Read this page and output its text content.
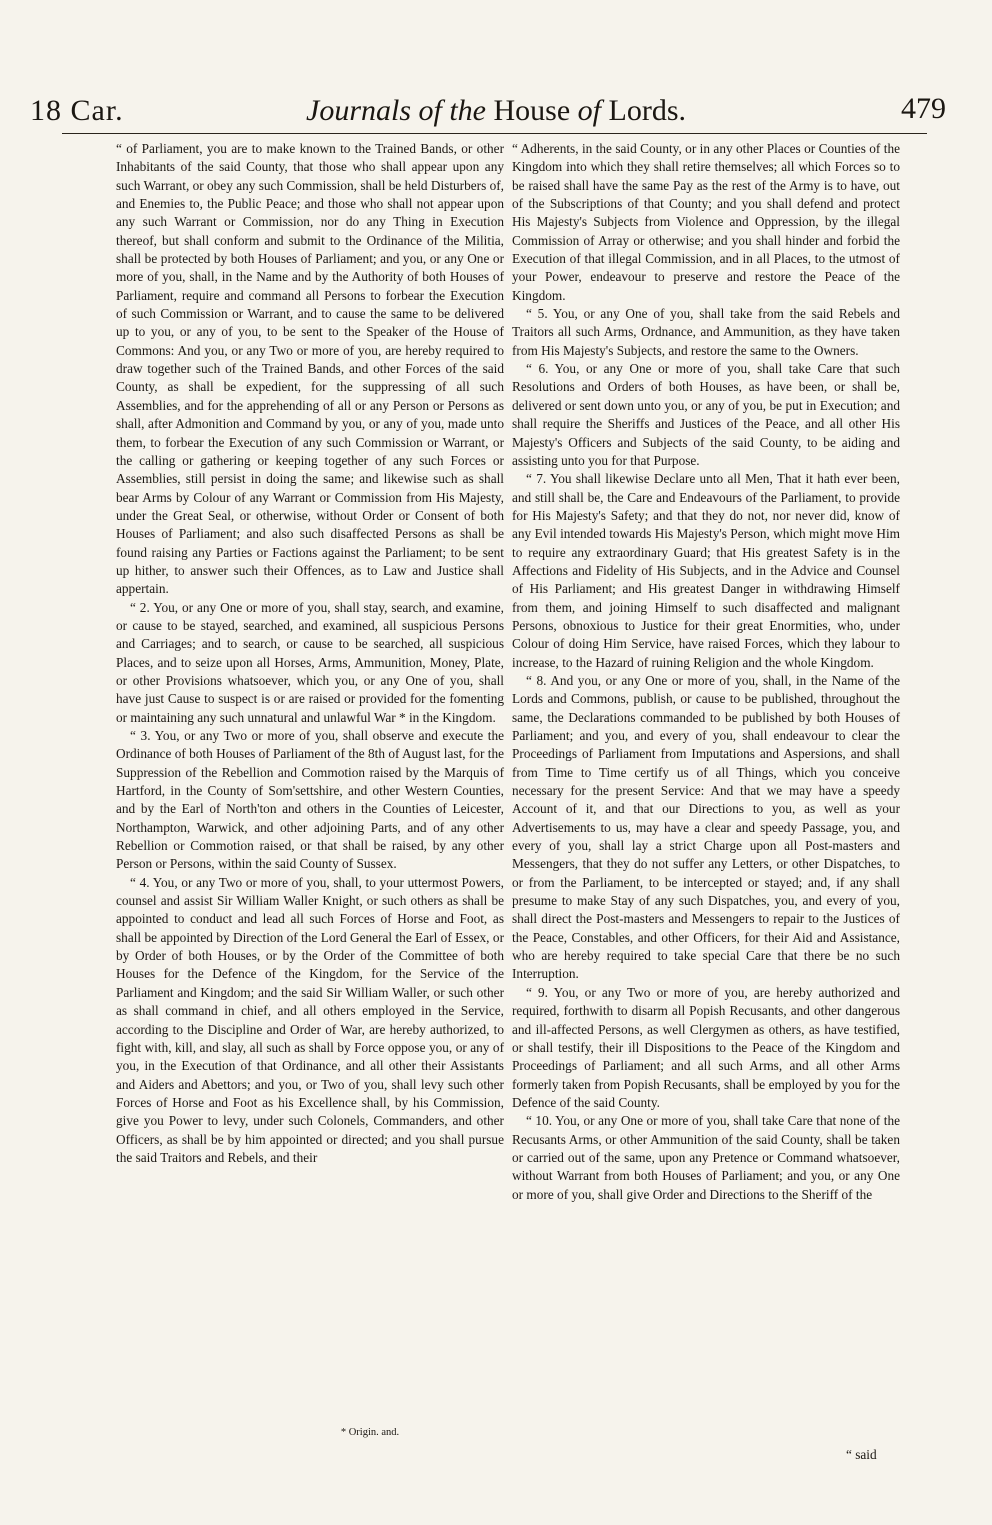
18 Car.	Journals of the House of Lords.	479

“ of Parliament, you are to make known to the Trained Bands, or other Inhabitants of the said County, that those who shall appear upon any such Warrant, or obey any such Commission, shall be held Disturbers of, and Enemies to, the Public Peace; and those who shall not appear upon any such Warrant or Commission, nor do any Thing in Execution thereof, but shall conform and submit to the Ordinance of the Militia, shall be protected by both Houses of Parliament; and you, or any One or more of you, shall, in the Name and by the Authority of both Houses of Parliament, require and command all Persons to forbear the Execution of such Commission or Warrant, and to cause the same to be delivered up to you, or any of you, to be sent to the Speaker of the House of Commons: And you, or any Two or more of you, are hereby required to draw together such of the Trained Bands, and other Forces of the said County, as shall be expedient, for the suppressing of all such Assemblies, and for the apprehending of all or any Person or Persons as shall, after Admonition and Command by you, or any of you, made unto them, to forbear the Execution of any such Commission or Warrant, or the calling or gathering or keeping together of any such Forces or Assemblies, still persist in doing the same; and likewise such as shall bear Arms by Colour of any Warrant or Commission from His Majesty, under the Great Seal, or otherwise, without Order or Consent of both Houses of Parliament; and also such disaffected Persons as shall be found raising any Parties or Factions against the Parliament; to be sent up hither, to answer such their Offences, as to Law and Justice shall appertain.

“ 2. You, or any One or more of you, shall stay, search, and examine, or cause to be stayed, searched, and examined, all suspicious Persons and Carriages; and to search, or cause to be searched, all suspicious Places, and to seize upon all Horses, Arms, Ammunition, Money, Plate, or other Provisions whatsoever, which you, or any One of you, shall have just Cause to suspect is or are raised or provided for the fomenting or maintaining any such unnatural and unlawful War * in the Kingdom.

“ 3. You, or any Two or more of you, shall observe and execute the Ordinance of both Houses of Parliament of the 8th of August last, for the Suppression of the Rebellion and Commotion raised by the Marquis of Hartford, in the County of Som'settshire, and other Western Counties, and by the Earl of North'ton and others in the Counties of Leicester, Northampton, Warwick, and other adjoining Parts, and of any other Rebellion or Commotion raised, or that shall be raised, by any other Person or Persons, within the said County of Sussex.

“ 4. You, or any Two or more of you, shall, to your uttermost Powers, counsel and assist Sir William Waller Knight, or such others as shall be appointed to conduct and lead all such Forces of Horse and Foot, as shall be appointed by Direction of the Lord General the Earl of Essex, or by Order of both Houses, or by the Order of the Committee of both Houses for the Defence of the Kingdom, for the Service of the Parliament and Kingdom; and the said Sir William Waller, or such other as shall command in chief, and all others employed in the Service, according to the Discipline and Order of War, are hereby authorized, to fight with, kill, and slay, all such as shall by Force oppose you, or any of you, in the Execution of that Ordinance, and all other their Assistants and Aiders and Abettors; and you, or Two of you, shall levy such other Forces of Horse and Foot as his Excellence shall, by his Commission, give you Power to levy, under such Colonels, Commanders, and other Officers, as shall be by him appointed or directed; and you shall pursue the said Traitors and Rebels, and their

“ Adherents, in the said County, or in any other Places or Counties of the Kingdom into which they shall retire themselves; all which Forces so to be raised shall have the same Pay as the rest of the Army is to have, out of the Subscriptions of that County; and you shall defend and protect His Majesty's Subjects from Violence and Oppression, by the illegal Commission of Array or otherwise; and you shall hinder and forbid the Execution of that illegal Commission, and in all Places, to the utmost of your Power, endeavour to preserve and restore the Peace of the Kingdom.

“ 5. You, or any One of you, shall take from the said Rebels and Traitors all such Arms, Ordnance, and Ammunition, as they have taken from His Majesty's Subjects, and restore the same to the Owners.

“ 6. You, or any One or more of you, shall take Care that such Resolutions and Orders of both Houses, as have been, or shall be, delivered or sent down unto you, or any of you, be put in Execution; and shall require the Sheriffs and Justices of the Peace, and all other His Majesty's Officers and Subjects of the said County, to be aiding and assisting unto you for that Purpose.

“ 7. You shall likewise Declare unto all Men, That it hath ever been, and still shall be, the Care and Endeavours of the Parliament, to provide for His Majesty's Safety; and that they do not, nor never did, know of any Evil intended towards His Majesty's Person, which might move Him to require any extraordinary Guard; that His greatest Safety is in the Affections and Fidelity of His Subjects, and in the Advice and Counsel of His Parliament; and His greatest Danger in withdrawing Himself from them, and joining Himself to such disaffected and malignant Persons, obnoxious to Justice for their great Enormities, who, under Colour of doing Him Service, have raised Forces, which they labour to increase, to the Hazard of ruining Religion and the whole Kingdom.

“ 8. And you, or any One or more of you, shall, in the Name of the Lords and Commons, publish, or cause to be published, throughout the same, the Declarations commanded to be published by both Houses of Parliament; and you, and every of you, shall endeavour to clear the Proceedings of Parliament from Imputations and Aspersions, and shall from Time to Time certify us of all Things, which you conceive necessary for the present Service: And that we may have a speedy Account of it, and that our Directions to you, as well as your Advertisements to us, may have a clear and speedy Passage, you, and every of you, shall lay a strict Charge upon all Post-masters and Messengers, that they do not suffer any Letters, or other Dispatches, to or from the Parliament, to be intercepted or stayed; and, if any shall presume to make Stay of any such Dispatches, you, and every of you, shall direct the Post-masters and Messengers to repair to the Justices of the Peace, Constables, and other Officers, for their Aid and Assistance, who are hereby required to take special Care that there be no such Interruption.

“ 9. You, or any Two or more of you, are hereby authorized and required, forthwith to disarm all Popish Recusants, and other dangerous and ill-affected Persons, as well Clergymen as others, as have testified, or shall testify, their ill Dispositions to the Peace of the Kingdom and Proceedings of Parliament; and all such Arms, and all other Arms formerly taken from Popish Recusants, shall be employed by you for the Defence of the said County.

“ 10. You, or any One or more of you, shall take Care that none of the Recusants Arms, or other Ammunition of the said County, shall be taken or carried out of the same, upon any Pretence or Command whatsoever, without Warrant from both Houses of Parliament; and you, or any One or more of you, shall give Order and Directions to the Sheriff of the

* Origin. and.
“ said
